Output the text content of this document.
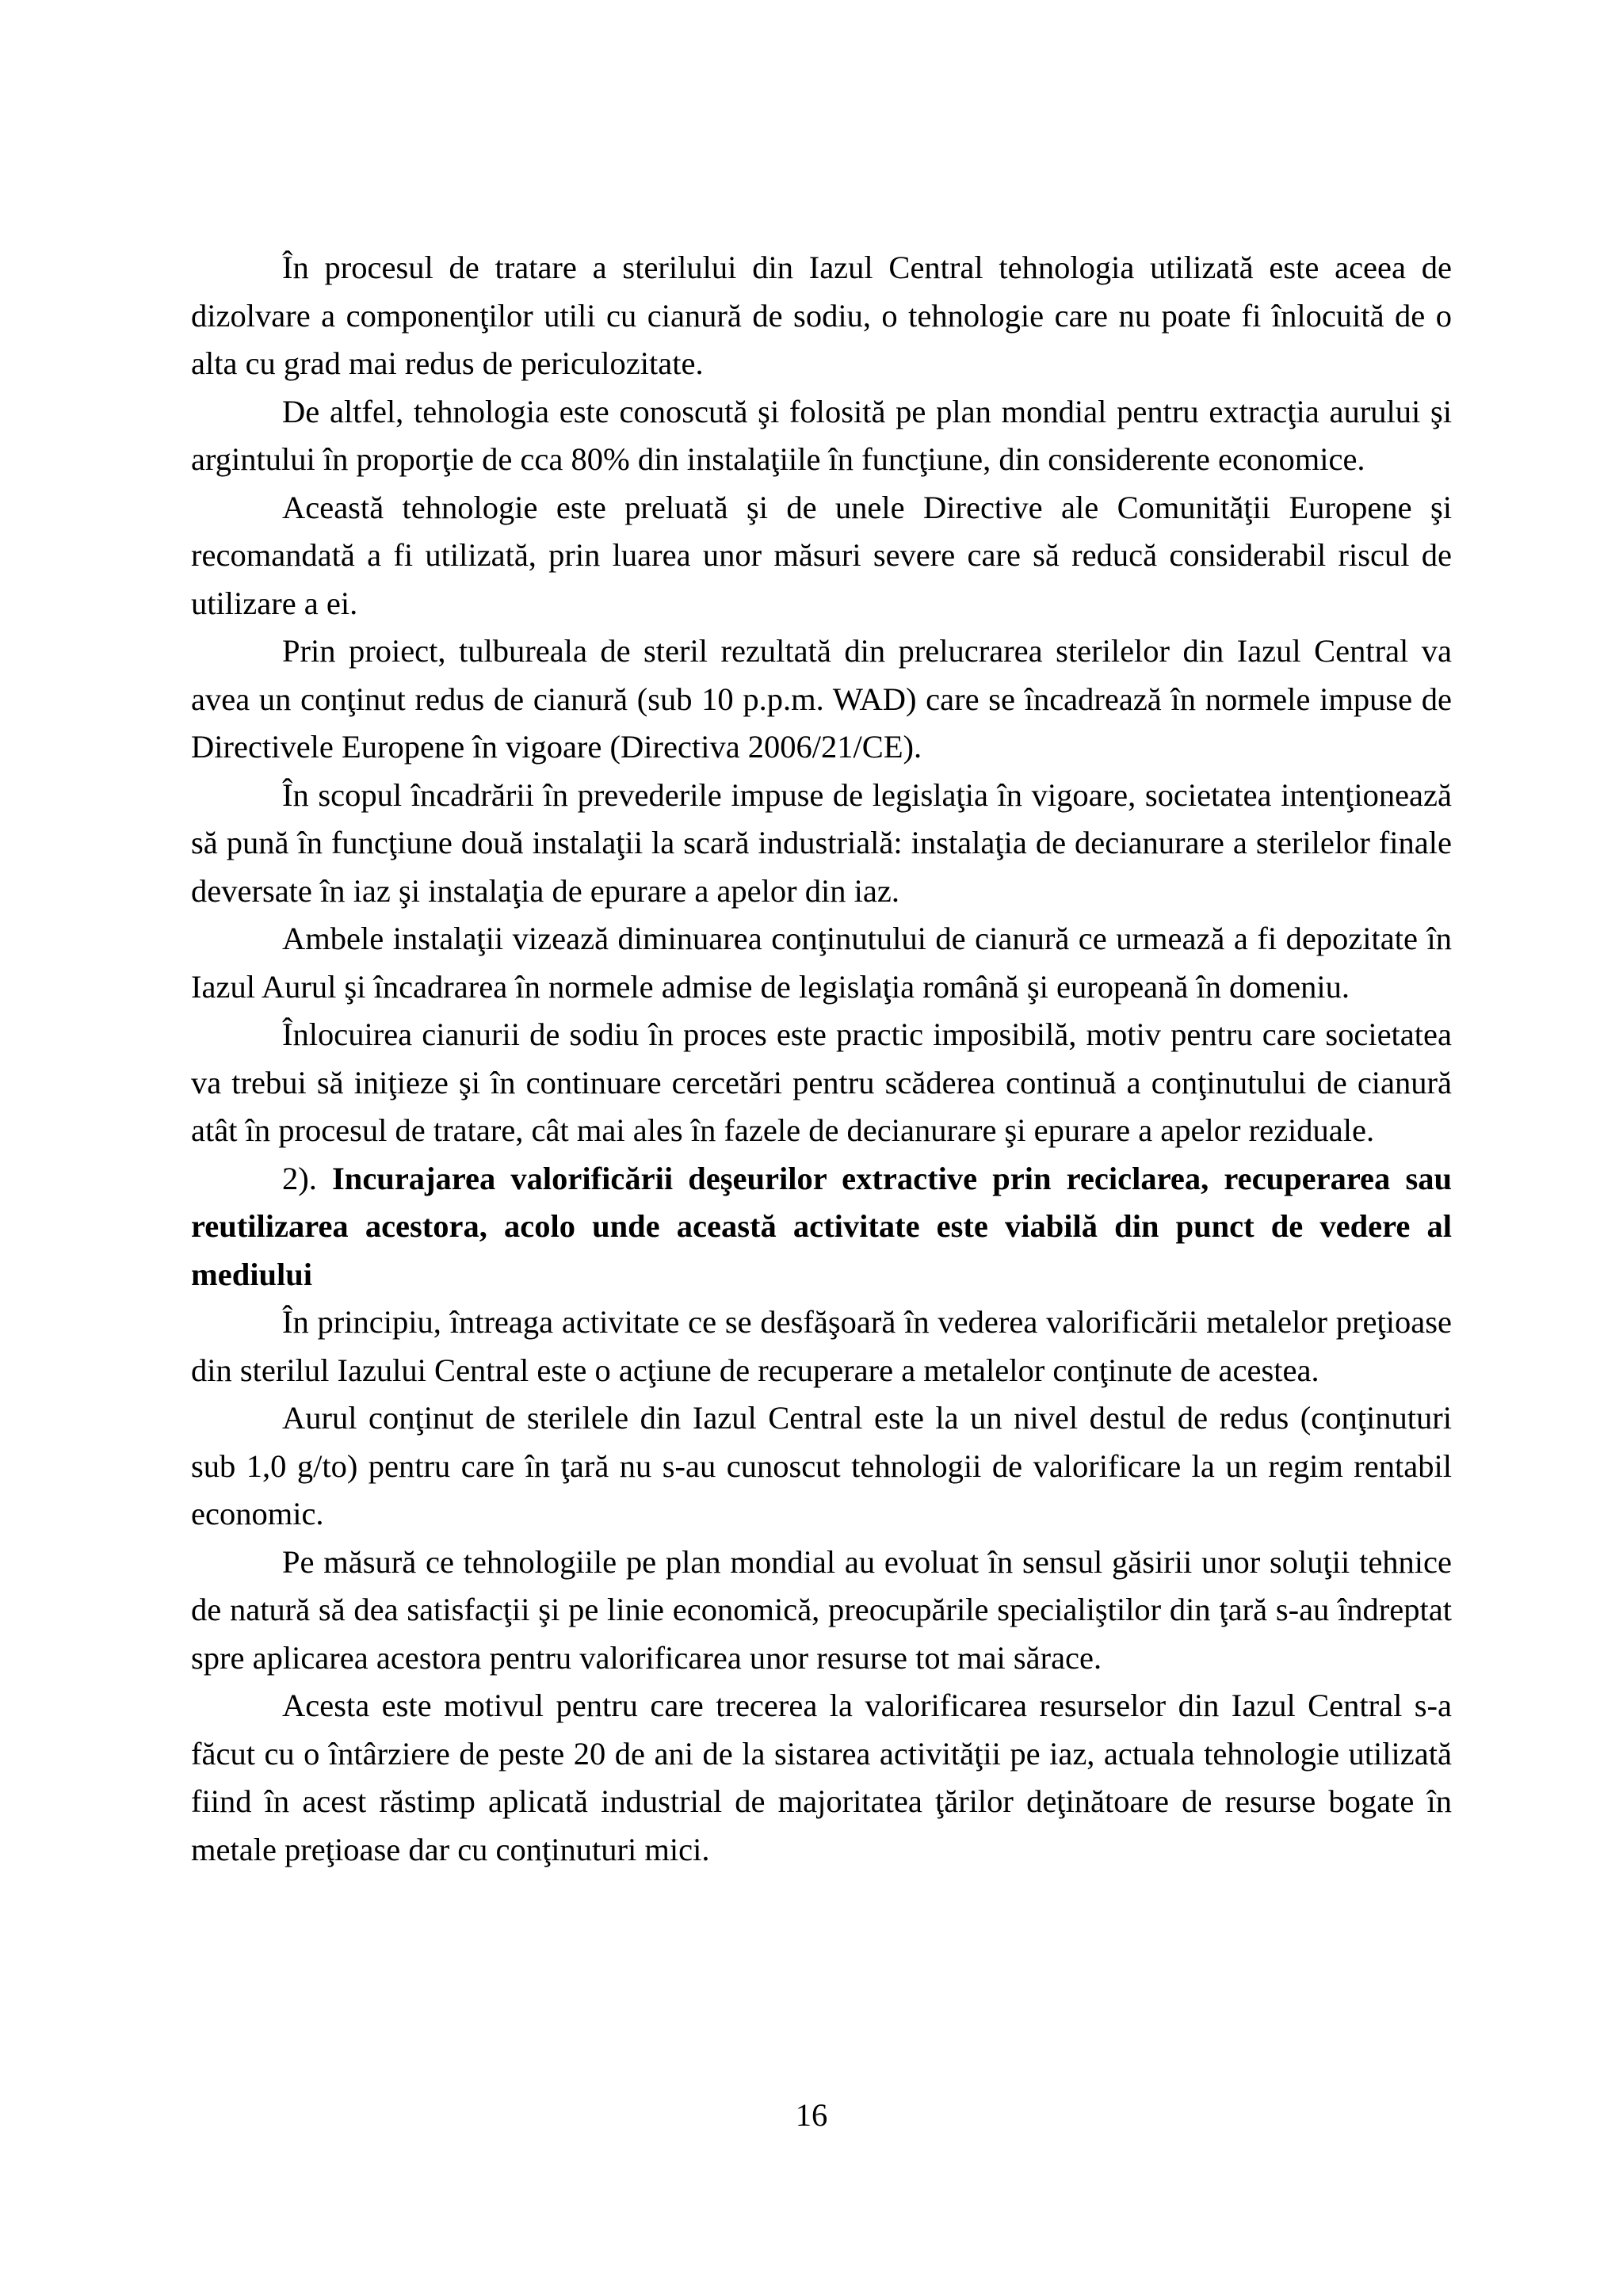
În procesul de tratare a sterilului din Iazul Central tehnologia utilizată este aceea de dizolvare a componenţilor utili cu cianură de sodiu, o tehnologie care nu poate fi înlocuită de o alta cu grad mai redus de periculozitate.

De altfel, tehnologia este conoscută şi folosită pe plan mondial pentru extracţia aurului şi argintului în proporţie de cca 80% din instalaţiile în funcţiune, din considerente economice.

Această tehnologie este preluată şi de unele Directive ale Comunităţii Europene şi recomandată a fi utilizată, prin luarea unor măsuri severe care să reducă considerabil riscul de utilizare a ei.

Prin proiect, tulbureala de steril rezultată din prelucrarea sterilelor din Iazul Central va avea un conţinut redus de cianură (sub 10 p.p.m. WAD) care se încadrează în normele impuse de Directivele Europene în vigoare (Directiva 2006/21/CE).

În scopul încadrării în prevederile impuse de legislaţia în vigoare, societatea intenţionează să pună în funcţiune două instalaţii la scară industrială: instalaţia de decianurare a sterilelor finale deversate în iaz şi instalaţia de epurare a apelor din iaz.

Ambele instalaţii vizează diminuarea conţinutului de cianură ce urmează a fi depozitate în Iazul Aurul şi încadrarea în normele admise de legislaţia română şi europeană în domeniu.

Înlocuirea cianurii de sodiu în proces este practic imposibilă, motiv pentru care societatea va trebui să iniţieze şi în continuare cercetări pentru scăderea continuă a conţinutului de cianură atât în procesul de tratare, cât mai ales în fazele de decianurare şi epurare a apelor reziduale.

2). Incurajarea valorificării deşeurilor extractive prin reciclarea, recuperarea sau reutilizarea acestora, acolo unde această activitate este viabilă din punct de vedere al mediului

În principiu, întreaga activitate ce se desfăşoară în vederea valorificării metalelor preţioase din sterilul Iazului Central este o acţiune de recuperare a metalelor conţinute de acestea.

Aurul conţinut de sterilele din Iazul Central este la un nivel destul de redus (conţinuturi sub 1,0 g/to) pentru care în ţară nu s-au cunoscut tehnologii de valorificare la un regim rentabil economic.

Pe măsură ce tehnologiile pe plan mondial au evoluat în sensul găsirii unor soluţii tehnice de natură să dea satisfacţii şi pe linie economică, preocupările specialiştilor din ţară s-au îndreptat spre aplicarea acestora pentru valorificarea unor resurse tot mai sărace.

Acesta este motivul pentru care trecerea la valorificarea resurselor din Iazul Central s-a făcut cu o întârziere de peste 20 de ani de la sistarea activităţii pe iaz, actuala tehnologie utilizată fiind în acest răstimp aplicată industrial de majoritatea ţărilor deţinătoare de resurse bogate în metale preţioase dar cu conţinuturi mici.

16
